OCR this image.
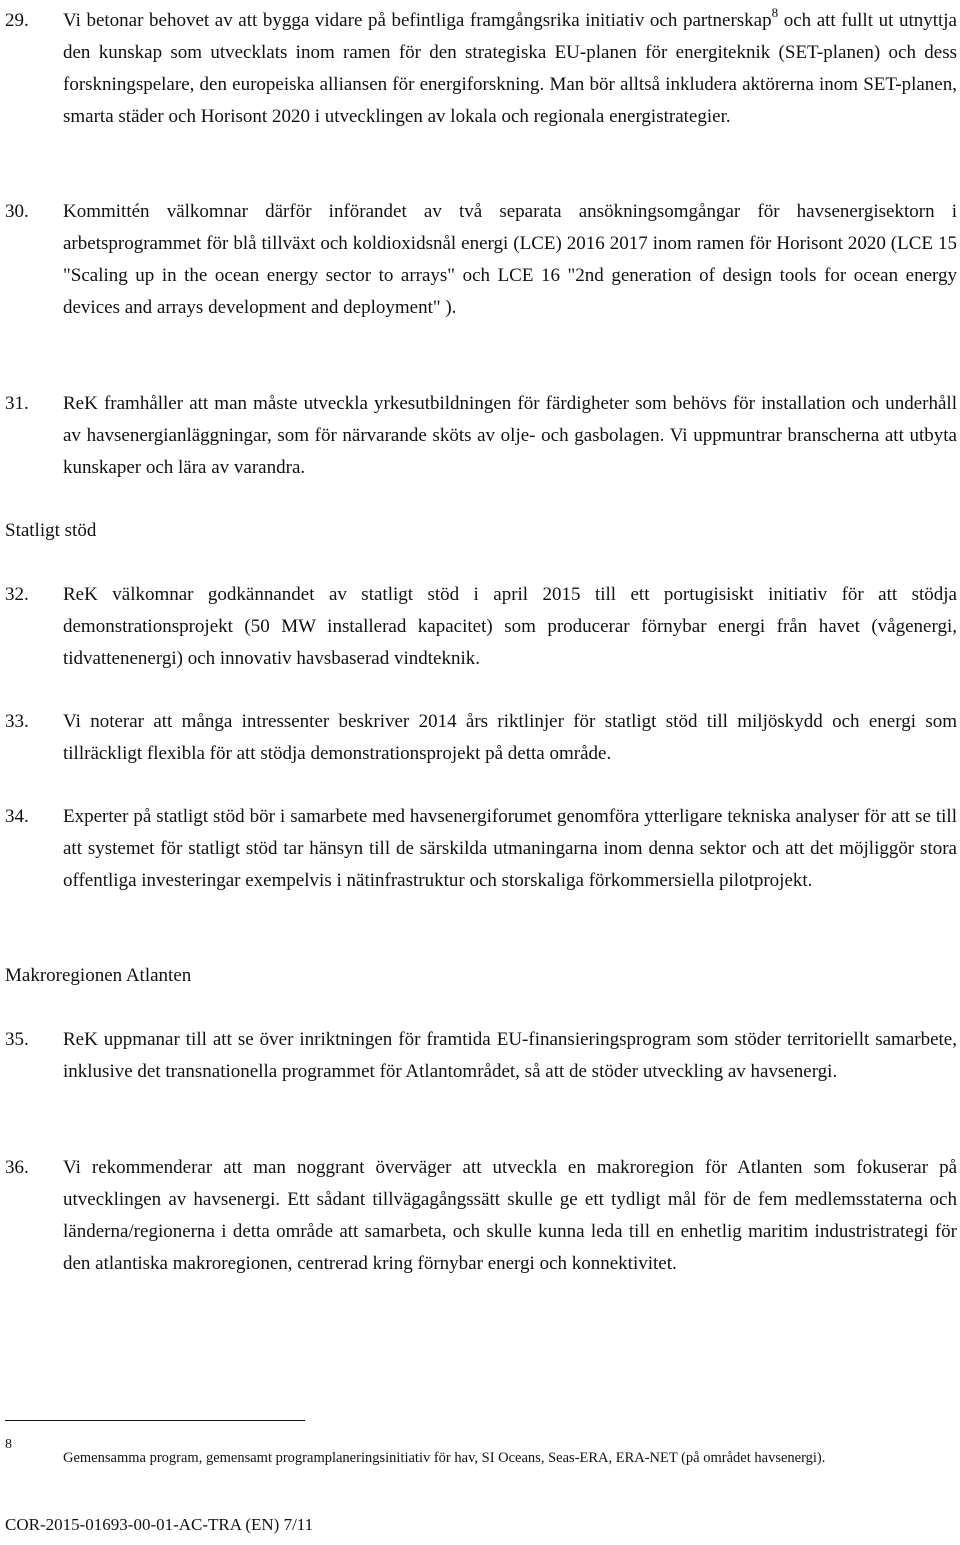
29.	Vi betonar behovet av att bygga vidare på befintliga framgångsrika initiativ och partnerskap$^8$ och att fullt ut utnyttja den kunskap som utvecklats inom ramen för den strategiska EU-planen för energiteknik (SET-planen) och dess forskningspelare, den europeiska alliansen för energiforskning. Man bör alltså inkludera aktörerna inom SET-planen, smarta städer och Horisont 2020 i utvecklingen av lokala och regionala energistrategier.
30.	Kommittén välkomnar därför införandet av två separata ansökningsomgångar för havsenergisektorn i arbetsprogrammet för blå tillväxt och koldioxidsnål energi (LCE) 2016 2017 inom ramen för Horisont 2020 (LCE 15 "Scaling up in the ocean energy sector to arrays" och LCE 16 "2nd generation of design tools for ocean energy devices and arrays development and deployment" ).
31.	ReK framhåller att man måste utveckla yrkesutbildningen för färdigheter som behövs för installation och underhåll av havsenergianläggningar, som för närvarande sköts av olje- och gasbolagen. Vi uppmuntrar branscherna att utbyta kunskaper och lära av varandra.
Statligt stöd
32.	ReK välkomnar godkännandet av statligt stöd i april 2015 till ett portugisiskt initiativ för att stödja demonstrationsprojekt (50 MW installerad kapacitet) som producerar förnybar energi från havet (vågenergi, tidvattenenergi) och innovativ havsbaserad vindteknik.
33.	Vi noterar att många intressenter beskriver 2014 års riktlinjer för statligt stöd till miljöskydd och energi som tillräckligt flexibla för att stödja demonstrationsprojekt på detta område.
34.	Experter på statligt stöd bör i samarbete med havsenergiforumet genomföra ytterligare tekniska analyser för att se till att systemet för statligt stöd tar hänsyn till de särskilda utmaningarna inom denna sektor och att det möjliggör stora offentliga investeringar exempelvis i nätinfrastruktur och storskaliga förkommersiella pilotprojekt.
Makroregionen Atlanten
35.	ReK uppmanar till att se över inriktningen för framtida EU-finansieringsprogram som stöder territoriellt samarbete, inklusive det transnationella programmet för Atlantområdet, så att de stöder utveckling av havsenergi.
36.	Vi rekommenderar att man noggrant överväger att utveckla en makroregion för Atlanten som fokuserar på utvecklingen av havsenergi. Ett sådant tillvägagångssätt skulle ge ett tydligt mål för de fem medlemsstaterna och länderna/regionerna i detta område att samarbeta, och skulle kunna leda till en enhetlig maritim industristrategi för den atlantiska makroregionen, centrerad kring förnybar energi och konnektivitet.
8
Gemensamma program, gemensamt programplaneringsinitiativ för hav, SI Oceans, Seas-ERA, ERA-NET (på området havsenergi).
COR-2015-01693-00-01-AC-TRA (EN) 7/11
